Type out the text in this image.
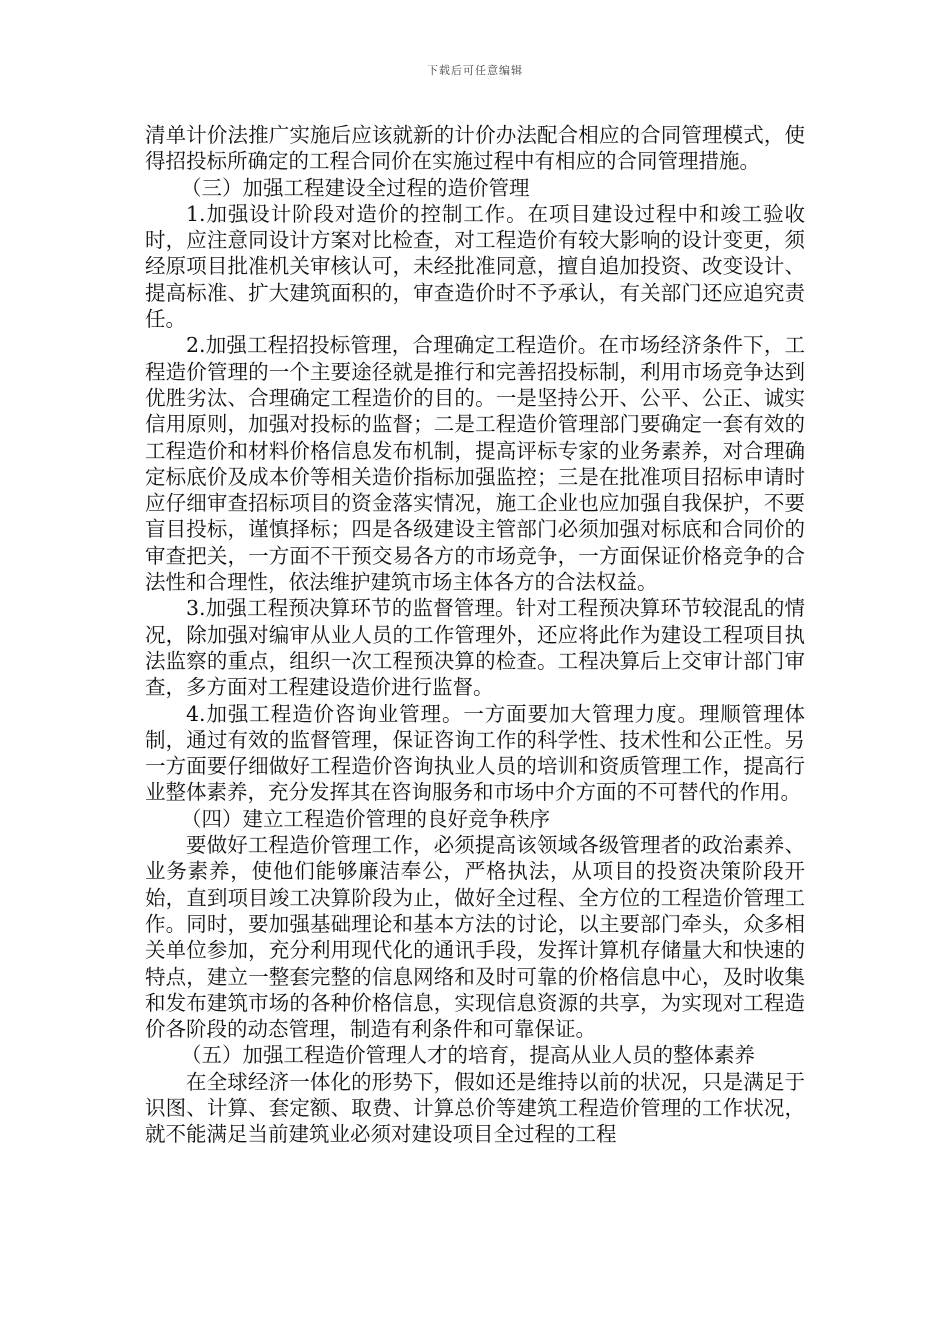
下载后可任意编辑

清单计价法推广实施后应该就新的计价办法配合相应的合同管理模式，使得招投标所确定的工程合同价在实施过程中有相应的合同管理措施。

（三）加强工程建设全过程的造价管理

1.加强设计阶段对造价的控制工作。在项目建设过程中和竣工验收时，应注意同设计方案对比检查，对工程造价有较大影响的设计变更，须经原项目批准机关审核认可，未经批准同意，擅自追加投资、改变设计、提高标准、扩大建筑面积的，审查造价时不予承认，有关部门还应追究责任。

2.加强工程招投标管理，合理确定工程造价。在市场经济条件下，工程造价管理的一个主要途径就是推行和完善招投标制，利用市场竞争达到优胜劣汰、合理确定工程造价的目的。一是坚持公开、公平、公正、诚实信用原则，加强对投标的监督；二是工程造价管理部门要确定一套有效的工程造价和材料价格信息发布机制，提高评标专家的业务素养，对合理确定标底价及成本价等相关造价指标加强监控；三是在批准项目招标申请时应仔细审查招标项目的资金落实情况，施工企业也应加强自我保护，不要盲目投标，谨慎择标；四是各级建设主管部门必须加强对标底和合同价的审查把关，一方面不干预交易各方的市场竞争，一方面保证价格竞争的合法性和合理性，依法维护建筑市场主体各方的合法权益。

3.加强工程预决算环节的监督管理。针对工程预决算环节较混乱的情况，除加强对编审从业人员的工作管理外，还应将此作为建设工程项目执法监察的重点，组织一次工程预决算的检查。工程决算后上交审计部门审查，多方面对工程建设造价进行监督。

4.加强工程造价咨询业管理。一方面要加大管理力度。理顺管理体制，通过有效的监督管理，保证咨询工作的科学性、技术性和公正性。另一方面要仔细做好工程造价咨询执业人员的培训和资质管理工作，提高行业整体素养，充分发挥其在咨询服务和市场中介方面的不可替代的作用。

（四）建立工程造价管理的良好竞争秩序

要做好工程造价管理工作，必须提高该领域各级管理者的政治素养、业务素养，使他们能够廉洁奉公，严格执法，从项目的投资决策阶段开始，直到项目竣工决算阶段为止，做好全过程、全方位的工程造价管理工作。同时，要加强基础理论和基本方法的讨论，以主要部门牵头，众多相关单位参加，充分利用现代化的通讯手段，发挥计算机存储量大和快速的特点，建立一整套完整的信息网络和及时可靠的价格信息中心，及时收集和发布建筑市场的各种价格信息，实现信息资源的共享，为实现对工程造价各阶段的动态管理，制造有利条件和可靠保证。

（五）加强工程造价管理人才的培育，提高从业人员的整体素养

在全球经济一体化的形势下，假如还是维持以前的状况，只是满足于识图、计算、套定额、取费、计算总价等建筑工程造价管理的工作状况，就不能满足当前建筑业必须对建设项目全过程的工程
